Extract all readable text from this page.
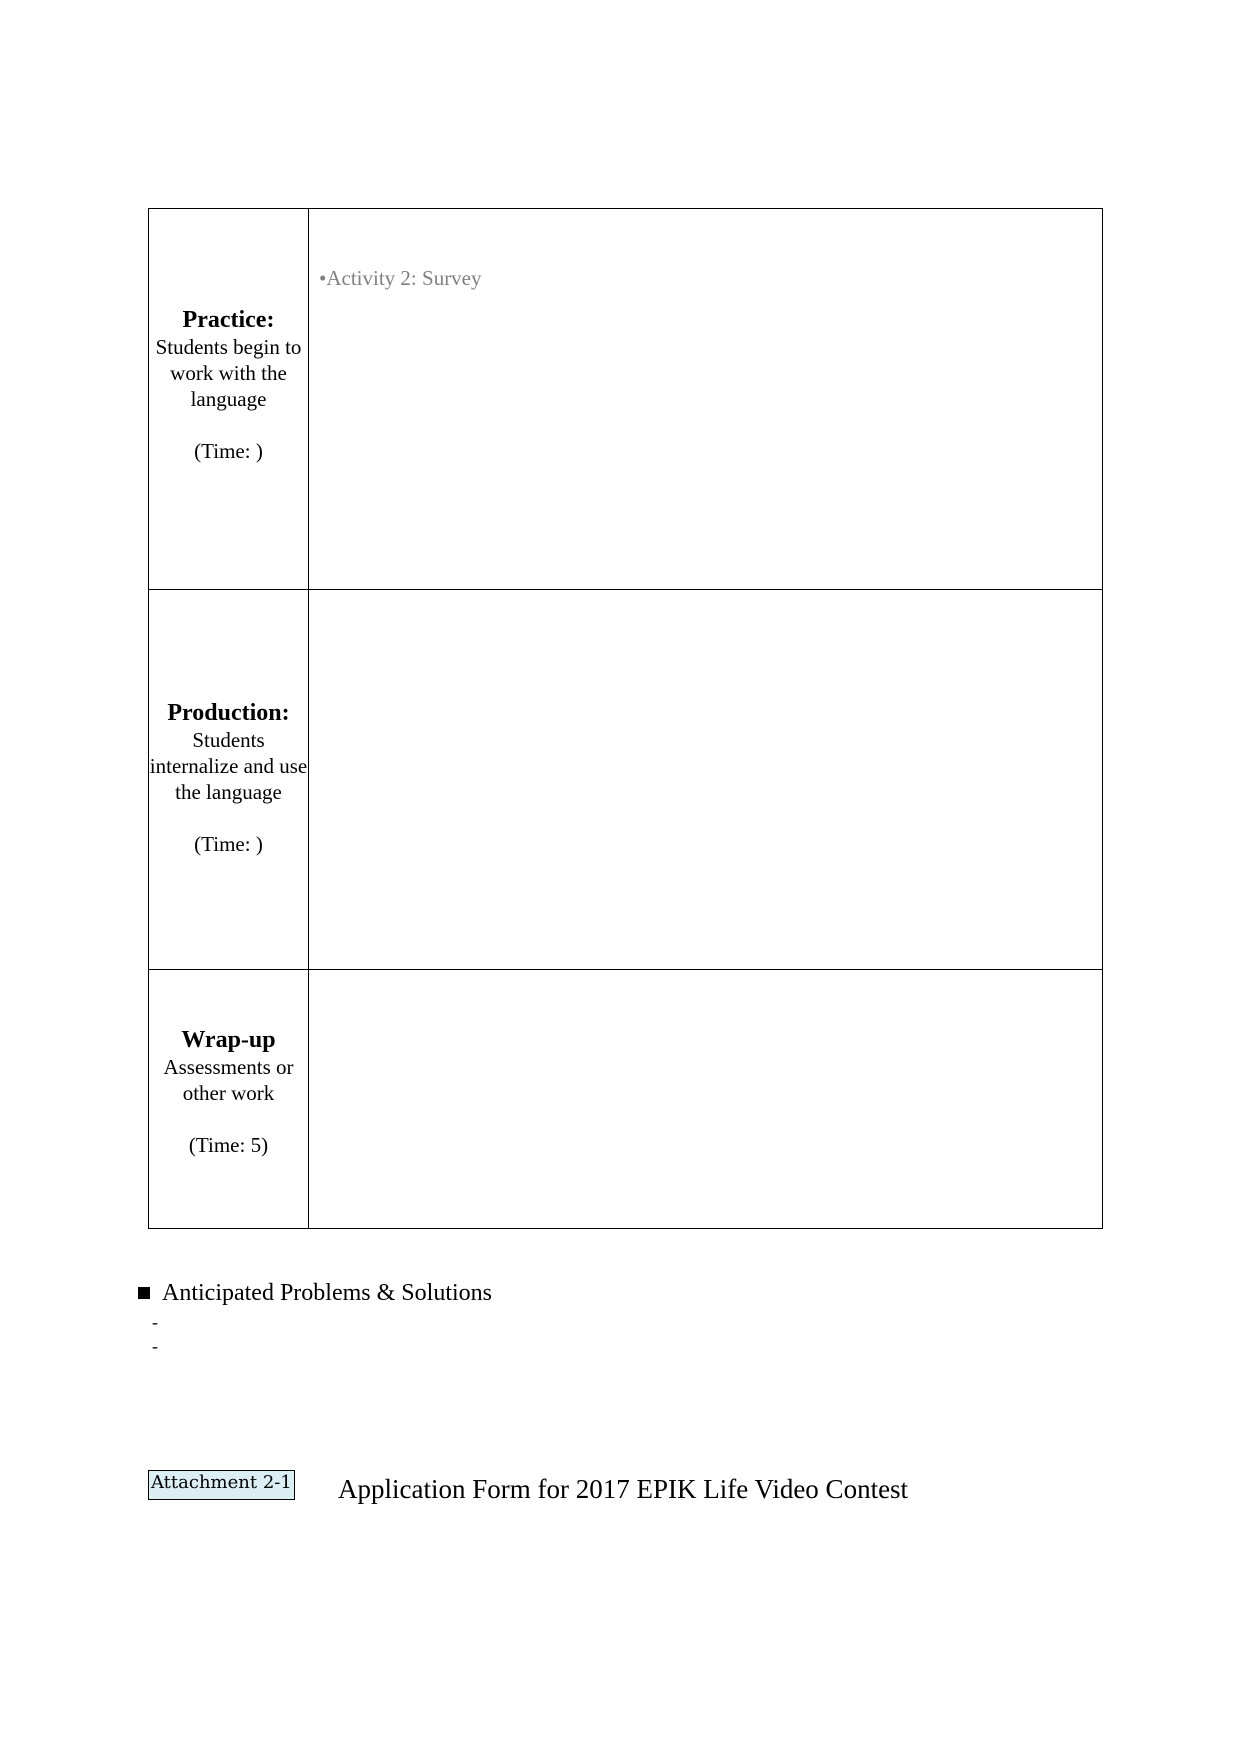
Practice:
Students begin to work with the language
(Time: )	•Activity 2: Survey

Production:
Students internalize and use the language
(Time: )	

Wrap-up
Assessments or other work
(Time: 5)	

Anticipated Problems & Solutions
-
-
Attachment 2-1 Application Form for 2017 EPIK Life Video Contest
